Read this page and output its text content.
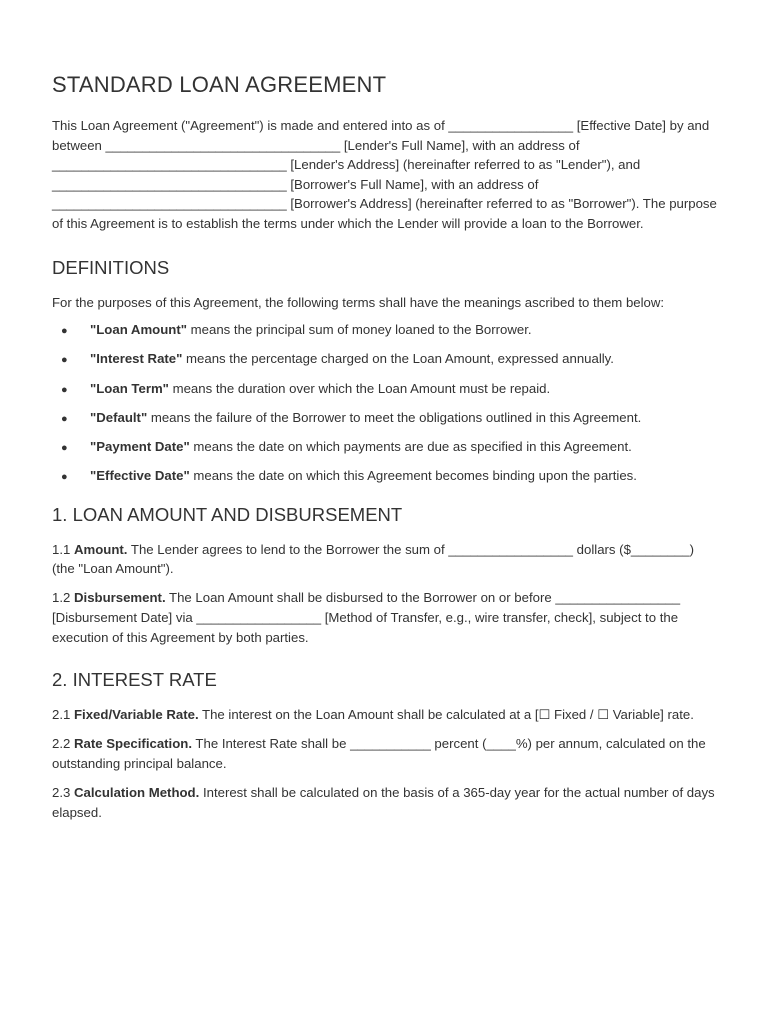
STANDARD LOAN AGREEMENT

This Loan Agreement ("Agreement") is made and entered into as of _________________ [Effective Date] by and between ________________________________ [Lender's Full Name], with an address of ________________________________ [Lender's Address] (hereinafter referred to as "Lender"), and ________________________________ [Borrower's Full Name], with an address of ________________________________ [Borrower's Address] (hereinafter referred to as "Borrower"). The purpose of this Agreement is to establish the terms under which the Lender will provide a loan to the Borrower.

DEFINITIONS

For the purposes of this Agreement, the following terms shall have the meanings ascribed to them below:

● "Loan Amount" means the principal sum of money loaned to the Borrower.
● "Interest Rate" means the percentage charged on the Loan Amount, expressed annually.
● "Loan Term" means the duration over which the Loan Amount must be repaid.
● "Default" means the failure of the Borrower to meet the obligations outlined in this Agreement.
● "Payment Date" means the date on which payments are due as specified in this Agreement.
● "Effective Date" means the date on which this Agreement becomes binding upon the parties.
1. LOAN AMOUNT AND DISBURSEMENT

1.1 Amount. The Lender agrees to lend to the Borrower the sum of _________________ dollars ($________) (the "Loan Amount").

1.2 Disbursement. The Loan Amount shall be disbursed to the Borrower on or before _________________ [Disbursement Date] via _________________ [Method of Transfer, e.g., wire transfer, check], subject to the execution of this Agreement by both parties.

2. INTEREST RATE

2.1 Fixed/Variable Rate. The interest on the Loan Amount shall be calculated at a [☐ Fixed / ☐ Variable] rate.

2.2 Rate Specification. The Interest Rate shall be ___________ percent (____%) per annum, calculated on the outstanding principal balance.

2.3 Calculation Method. Interest shall be calculated on the basis of a 365-day year for the actual number of days elapsed.
